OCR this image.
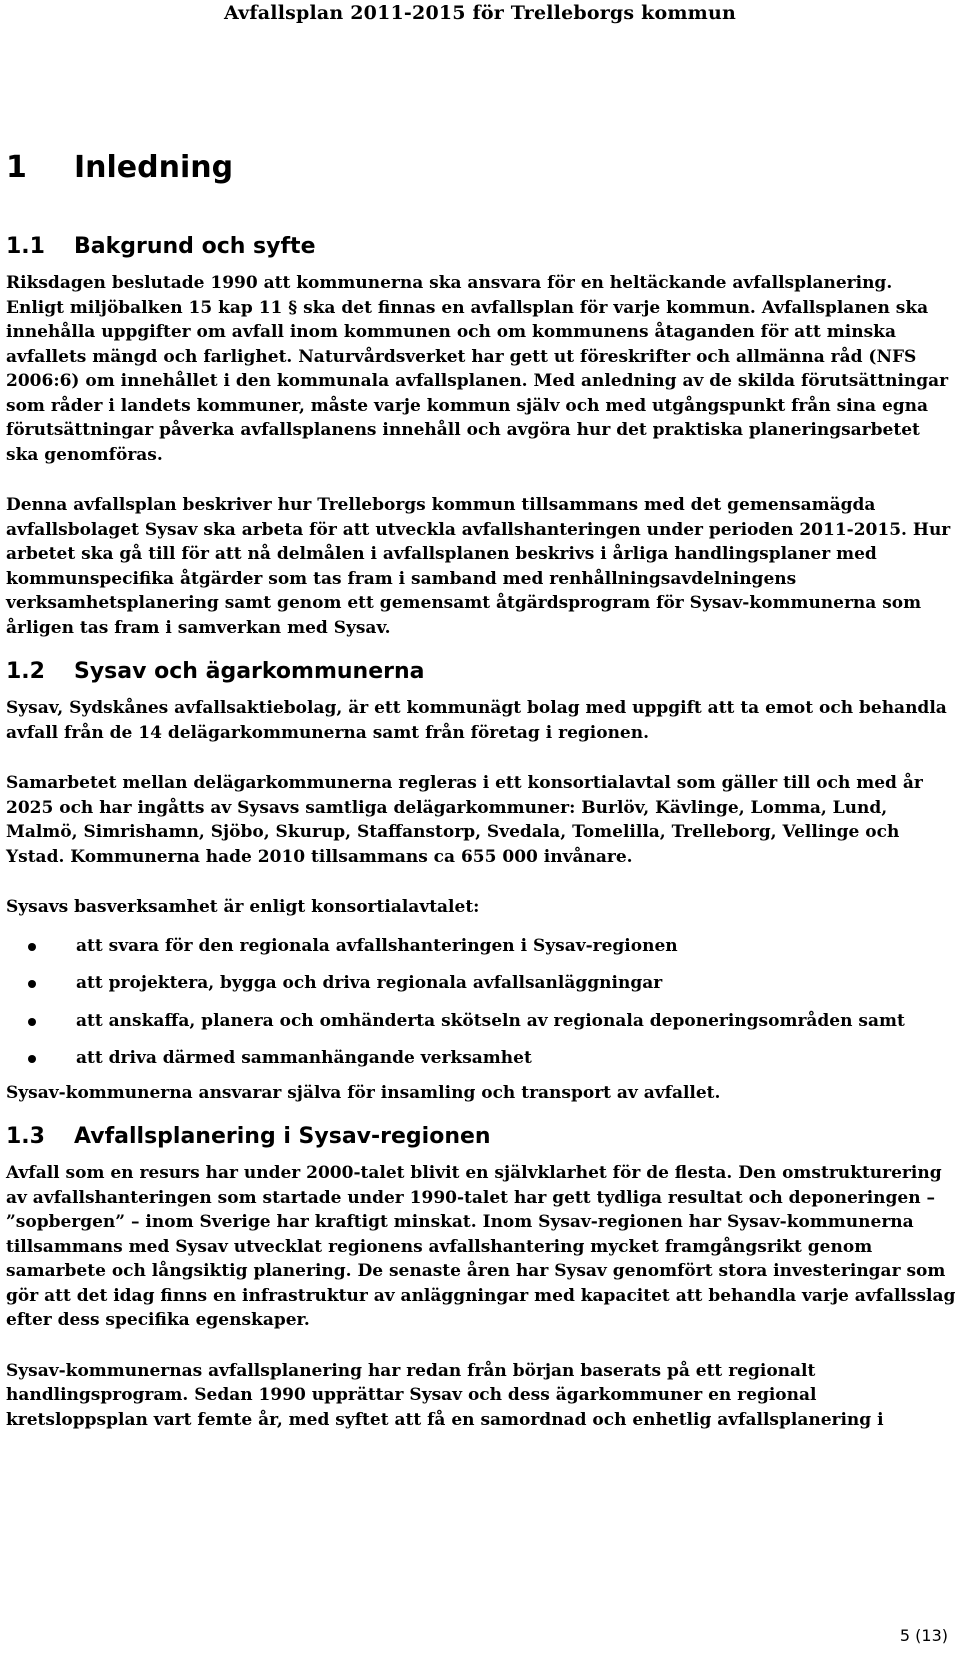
Avfallsplan 2011-2015 för Trelleborgs kommun
1 Inledning
1.1 Bakgrund och syfte

Riksdagen beslutade 1990 att kommunerna ska ansvara för en heltäckande avfallsplanering. Enligt miljöbalken 15 kap 11 § ska det finnas en avfallsplan för varje kommun. Avfallsplanen ska innehålla uppgifter om avfall inom kommunen och om kommunens åtaganden för att minska avfallets mängd och farlighet. Naturvårdsverket har gett ut föreskrifter och allmänna råd (NFS 2006:6) om innehållet i den kommunala avfallsplanen. Med anledning av de skilda förutsättningar som råder i landets kommuner, måste varje kommun själv och med utgångspunkt från sina egna förutsättningar påverka avfallsplanens innehåll och avgöra hur det praktiska planeringsarbetet ska genomföras.

Denna avfallsplan beskriver hur Trelleborgs kommun tillsammans med det gemensamägda avfallsbolaget Sysav ska arbeta för att utveckla avfallshanteringen under perioden 2011-2015. Hur arbetet ska gå till för att nå delmålen i avfallsplanen beskrivs i årliga handlingsplaner med kommunspecifika åtgärder som tas fram i samband med renhållningsavdelningens verksamhetsplanering samt genom ett gemensamt åtgärdsprogram för Sysav-kommunerna som årligen tas fram i samverkan med Sysav.

1.2 Sysav och ägarkommunerna

Sysav, Sydskånes avfallsaktiebolag, är ett kommunägt bolag med uppgift att ta emot och behandla avfall från de 14 delägarkommunerna samt från företag i regionen.

Samarbetet mellan delägarkommunerna regleras i ett konsortialavtal som gäller till och med år 2025 och har ingåtts av Sysavs samtliga delägarkommuner: Burlöv, Kävlinge, Lomma, Lund, Malmö, Simrishamn, Sjöbo, Skurup, Staffanstorp, Svedala, Tomelilla, Trelleborg, Vellinge och Ystad. Kommunerna hade 2010 tillsammans ca 655 000 invånare.

Sysavs basverksamhet är enligt konsortialavtalet:

att svara för den regionala avfallshanteringen i Sysav-regionen
att projektera, bygga och driva regionala avfallsanläggningar
att anskaffa, planera och omhänderta skötseln av regionala deponeringsområden samt
att driva därmed sammanhängande verksamhet

Sysav-kommunerna ansvarar själva för insamling och transport av avfallet.

1.3 Avfallsplanering i Sysav-regionen

Avfall som en resurs har under 2000-talet blivit en självklarhet för de flesta. Den omstrukturering av avfallshanteringen som startade under 1990-talet har gett tydliga resultat och deponeringen – ”sopbergen” – inom Sverige har kraftigt minskat. Inom Sysav-regionen har Sysav-kommunerna tillsammans med Sysav utvecklat regionens avfallshantering mycket framgångsrikt genom samarbete och långsiktig planering. De senaste åren har Sysav genomfört stora investeringar som gör att det idag finns en infrastruktur av anläggningar med kapacitet att behandla varje avfallsslag efter dess specifika egenskaper.

Sysav-kommunernas avfallsplanering har redan från början baserats på ett regionalt handlingsprogram. Sedan 1990 upprättar Sysav och dess ägarkommuner en regional kretsloppsplan vart femte år, med syftet att få en samordnad och enhetlig avfallsplanering i

5 (13)
